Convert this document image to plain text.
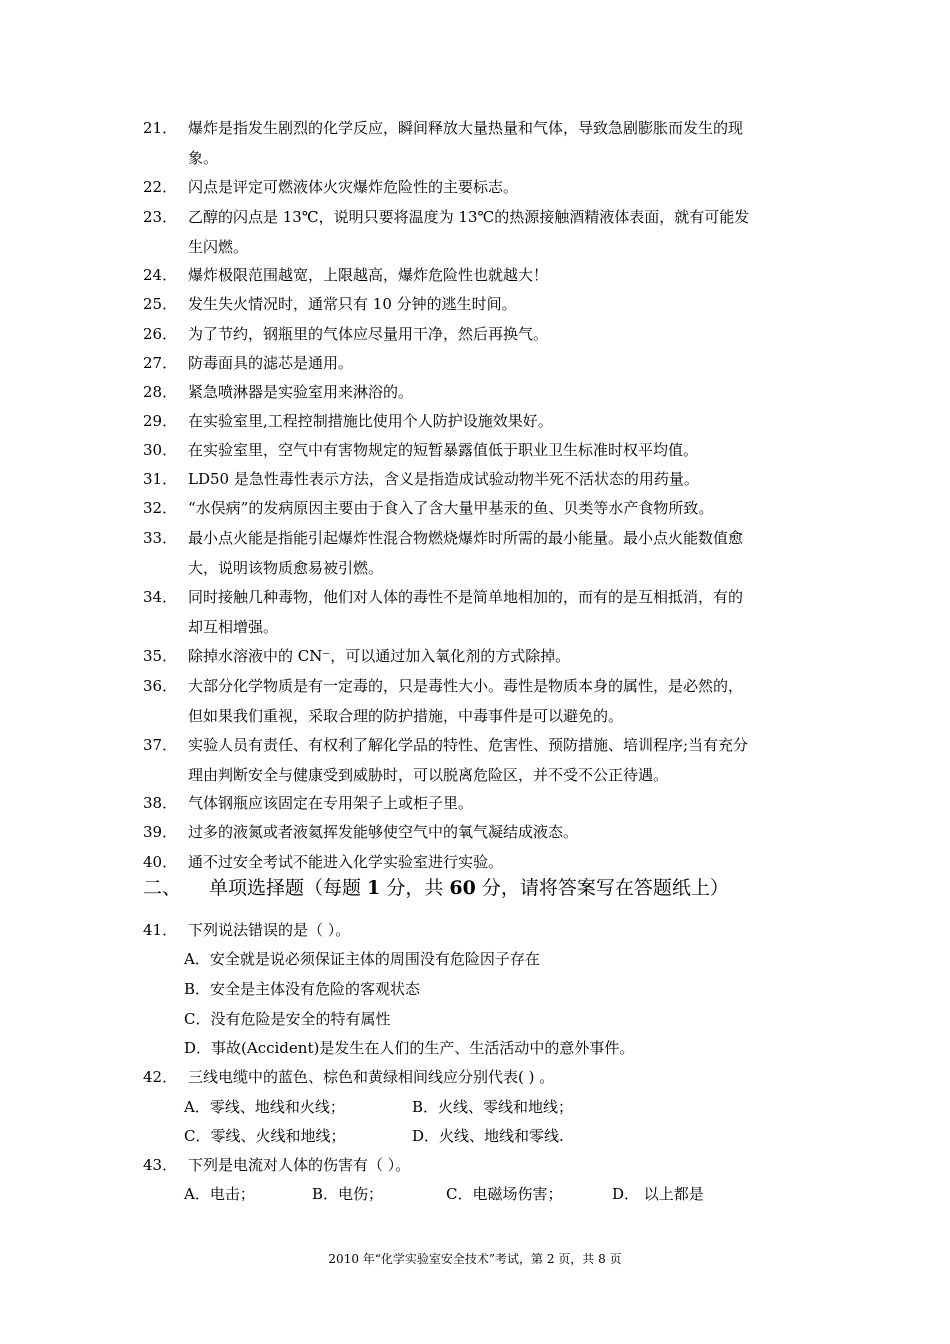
21． 爆炸是指发生剧烈的化学反应，瞬间释放大量热量和气体，导致急剧膨胀而发生的现
象。
22． 闪点是评定可燃液体火灾爆炸危险性的主要标志。
23． 乙醇的闪点是 13℃，说明只要将温度为 13℃的热源接触酒精液体表面，就有可能发
生闪燃。
24． 爆炸极限范围越宽，上限越高，爆炸危险性也就越大！
25． 发生失火情况时，通常只有 10 分钟的逃生时间。
26． 为了节约，钢瓶里的气体应尽量用干净，然后再换气。
27． 防毒面具的滤芯是通用。
28． 紧急喷淋器是实验室用来淋浴的。
29． 在实验室里,工程控制措施比使用个人防护设施效果好。
30． 在实验室里，空气中有害物规定的短暂暴露值低于职业卫生标准时权平均值。
31． LD50 是急性毒性表示方法，含义是指造成试验动物半死不活状态的用药量。
32． “水俣病”的发病原因主要由于食入了含大量甲基汞的鱼、贝类等水产食物所致。
33． 最小点火能是指能引起爆炸性混合物燃烧爆炸时所需的最小能量。最小点火能数值愈
大，说明该物质愈易被引燃。
34． 同时接触几种毒物，他们对人体的毒性不是简单地相加的，而有的是互相抵消，有的
却互相增强。
35． 除掉水溶液中的 CN⁻，可以通过加入氧化剂的方式除掉。
36． 大部分化学物质是有一定毒的，只是毒性大小。毒性是物质本身的属性，是必然的，
但如果我们重视，采取合理的防护措施，中毒事件是可以避免的。
37． 实验人员有责任、有权利了解化学品的特性、危害性、预防措施、培训程序;当有充分
理由判断安全与健康受到威胁时，可以脱离危险区，并不受不公正待遇。
38． 气体钢瓶应该固定在专用架子上或柜子里。
39． 过多的液氮或者液氦挥发能够使空气中的氧气凝结成液态。
40． 通不过安全考试不能进入化学实验室进行实验。
二、 单项选择题（每题 1 分，共 60 分，请将答案写在答题纸上）
41． 下列说法错误的是（ ）。
A．安全就是说必须保证主体的周围没有危险因子存在
B．安全是主体没有危险的客观状态
C．没有危险是安全的特有属性
D．事故(Accident)是发生在人们的生产、生活活动中的意外事件。
42． 三线电缆中的蓝色、棕色和黄绿相间线应分别代表( ) 。
A．零线、地线和火线；	B．火线、零线和地线；
C．零线、火线和地线；	D．火线、地线和零线.
43． 下列是电流对人体的伤害有（ ）。
A．电击；	B．电伤；	C．电磁场伤害；	D． 以上都是
2010 年“化学实验室安全技术”考试，第 2 页，共 8 页
